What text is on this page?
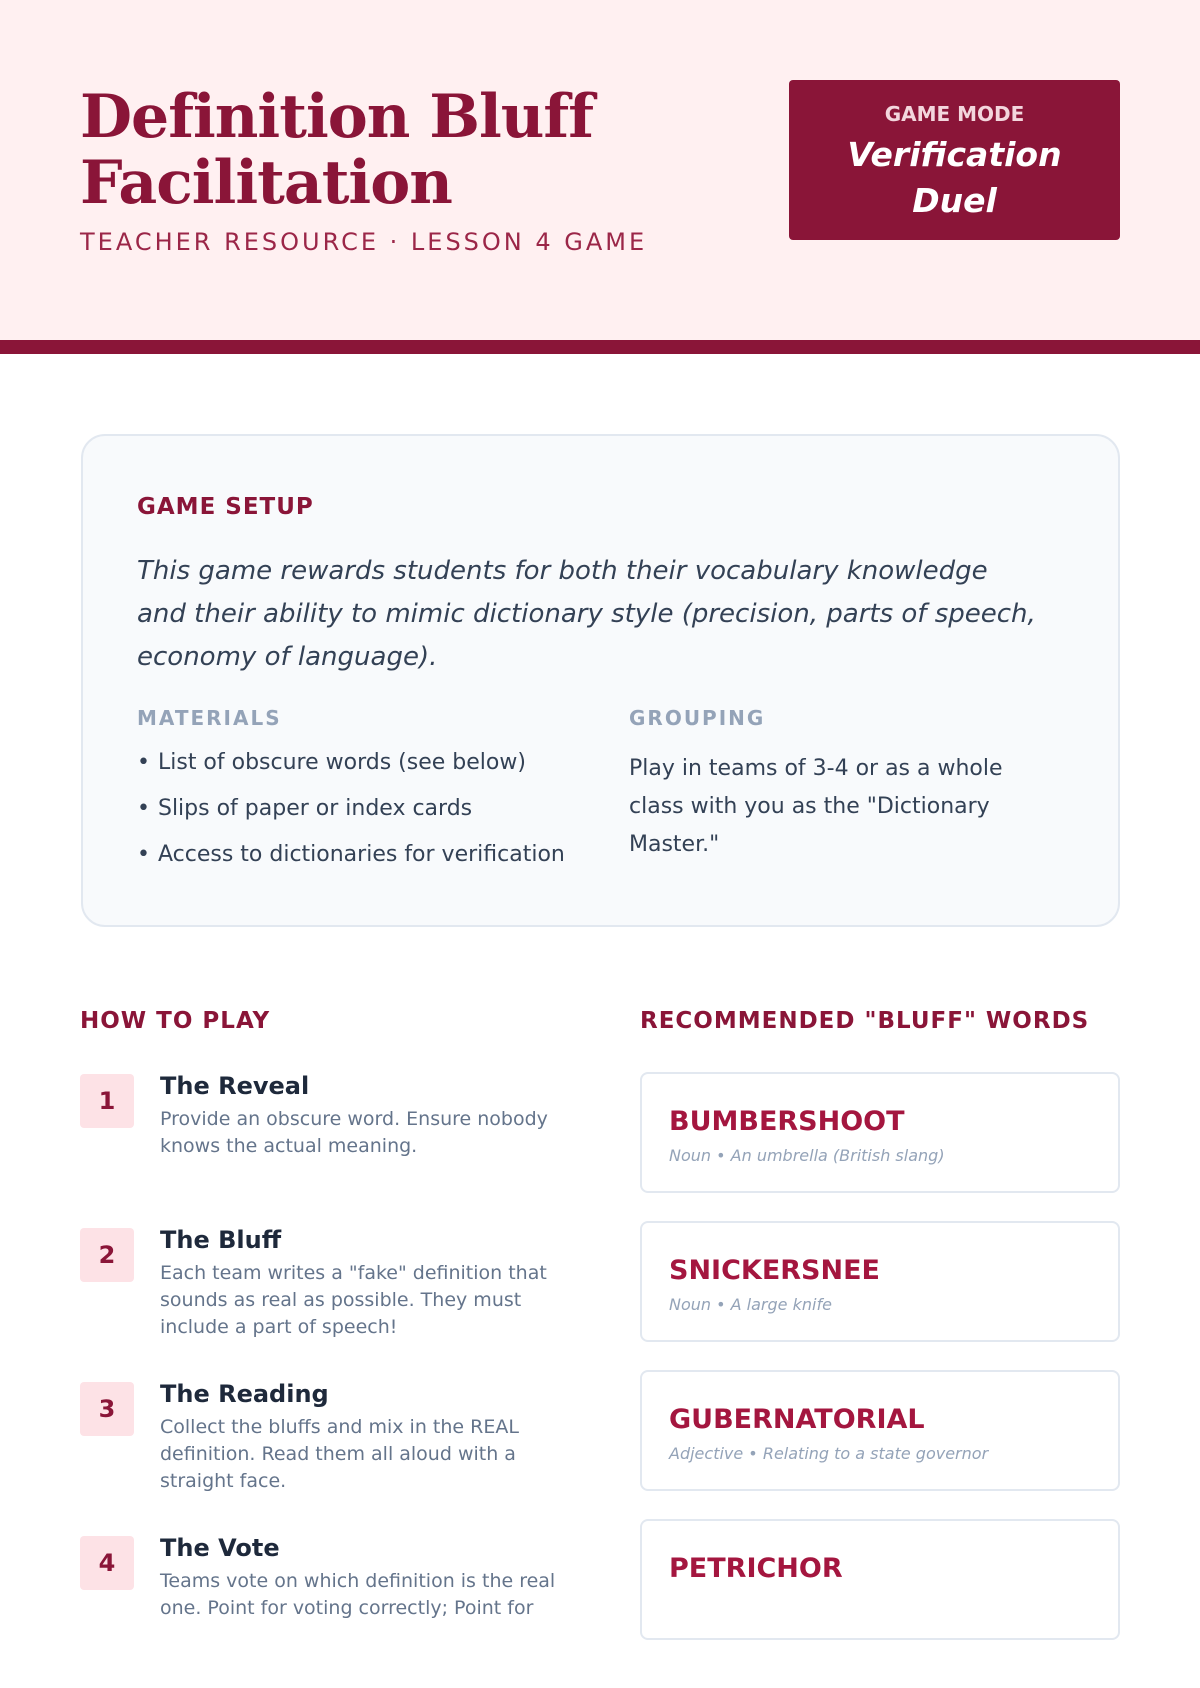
Definition Bluff Facilitation
TEACHER RESOURCE · LESSON 4 GAME
GAME MODE
Verification Duel
GAME SETUP

This game rewards students for both their vocabulary knowledge and their ability to mimic dictionary style (precision, parts of speech, economy of language).

MATERIALS
• List of obscure words (see below)
• Slips of paper or index cards
• Access to dictionaries for verification
GROUPING

Play in teams of 3-4 or as a whole class with you as the "Dictionary Master."

HOW TO PLAY
1
The Reveal
Provide an obscure word. Ensure nobody knows the actual meaning.
2
The Bluff
Each team writes a "fake" definition that sounds as real as possible. They must include a part of speech!
3
The Reading
Collect the bluffs and mix in the REAL definition. Read them all aloud with a straight face.
4
The Vote
Teams vote on which definition is the real one. Point for voting correctly; Point for
RECOMMENDED "BLUFF" WORDS
BUMBERSHOOT
Noun • An umbrella (British slang)
SNICKERSNEE
Noun • A large knife
GUBERNATORIAL
Adjective • Relating to a state governor
PETRICHOR
